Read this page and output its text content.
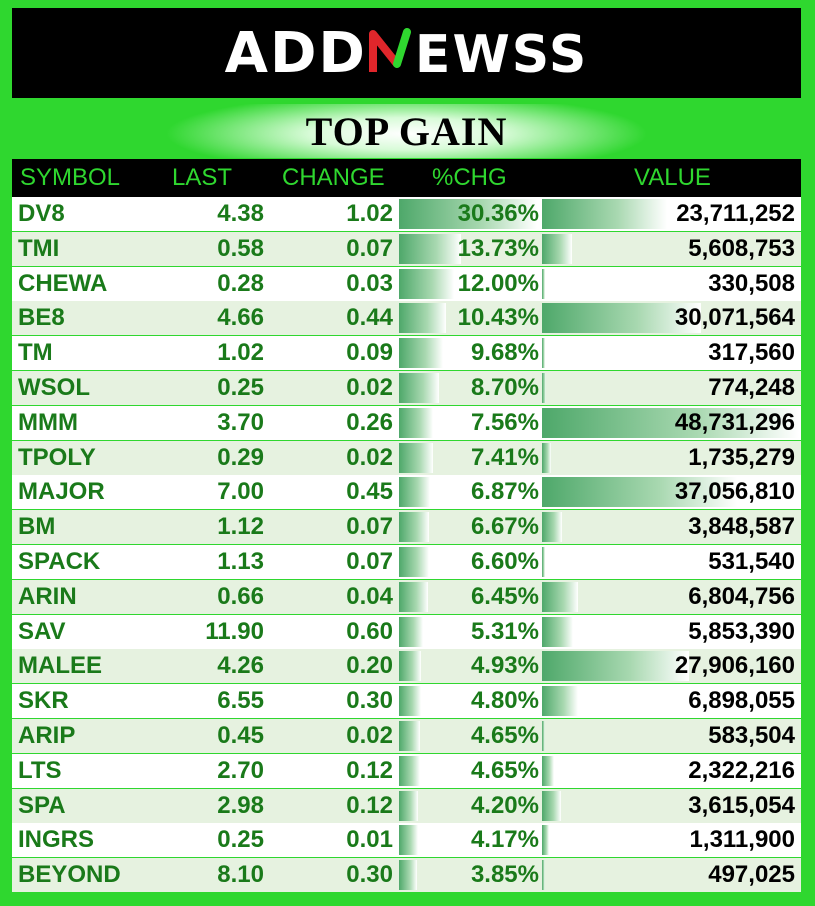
ADD EWSS
TOP GAIN
SYMBOL LAST CHANGE %CHG	VALUE
DV8	4.38	1.02	30.36%	23,711,252
TMI	0.58	0.07	13.73%	5,608,753
CHEWA	0.28	0.03	12.00%	330,508
BE8	4.66	0.44	10.43%	30,071,564
TM	1.02	0.09	9.68%	317,560
WSOL	0.25	0.02	8.70%	774,248
MMM	3.70	0.26	7.56%	48,731,296
TPOLY	0.29	0.02	7.41%	1,735,279
MAJOR	7.00	0.45	6.87%	37,056,810
BM	1.12	0.07	6.67%	3,848,587
SPACK	1.13	0.07	6.60%	531,540
ARIN	0.66	0.04	6.45%	6,804,756
SAV	11.90	0.60	5.31%	5,853,390
MALEE	4.26	0.20	4.93%	27,906,160
SKR	6.55	0.30	4.80%	6,898,055
ARIP	0.45	0.02	4.65%	583,504
LTS	2.70	0.12	4.65%	2,322,216
SPA	2.98	0.12	4.20%	3,615,054
INGRS	0.25	0.01	4.17%	1,311,900
BEYOND	8.10	0.30	3.85%	497,025
